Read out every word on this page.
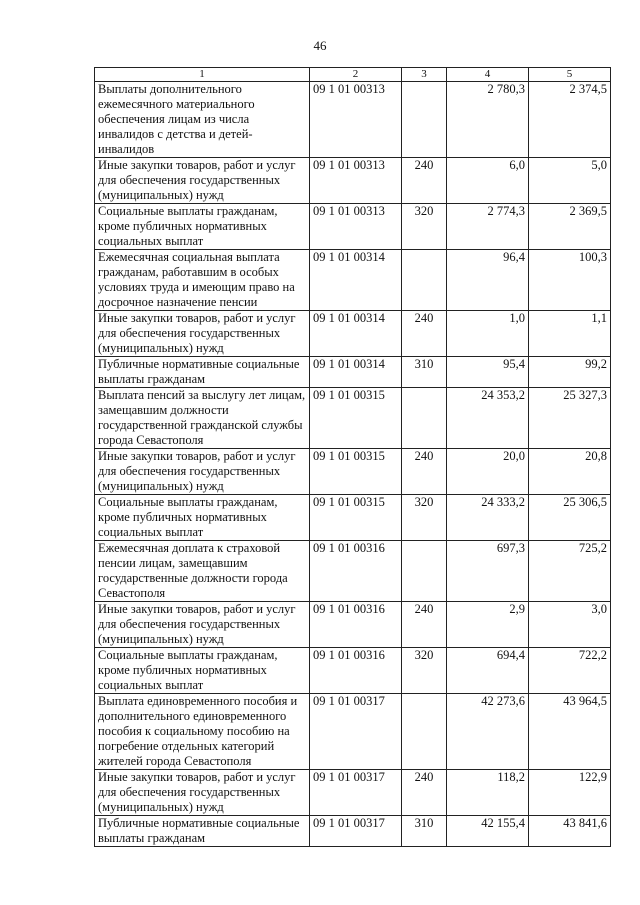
46
1	2	3	4	5
Выплаты дополнительного ежемесячного материального обеспечения лицам из числа инвалидов с детства и детей-инвалидов	09 1 01 00313		2 780,3	2 374,5
Иные закупки товаров, работ и услуг для обеспечения государственных (муниципальных) нужд	09 1 01 00313	240	6,0	5,0
Социальные выплаты гражданам, кроме публичных нормативных социальных выплат	09 1 01 00313	320	2 774,3	2 369,5
Ежемесячная социальная выплата гражданам, работавшим в особых условиях труда и имеющим право на досрочное назначение пенсии	09 1 01 00314		96,4	100,3
Иные закупки товаров, работ и услуг для обеспечения государственных (муниципальных) нужд	09 1 01 00314	240	1,0	1,1
Публичные нормативные социальные выплаты гражданам	09 1 01 00314	310	95,4	99,2
Выплата пенсий за выслугу лет лицам, замещавшим должности государственной гражданской службы города Севастополя	09 1 01 00315		24 353,2	25 327,3
Иные закупки товаров, работ и услуг для обеспечения государственных (муниципальных) нужд	09 1 01 00315	240	20,0	20,8
Социальные выплаты гражданам, кроме публичных нормативных социальных выплат	09 1 01 00315	320	24 333,2	25 306,5
Ежемесячная доплата к страховой пенсии лицам, замещавшим государственные должности города Севастополя	09 1 01 00316		697,3	725,2
Иные закупки товаров, работ и услуг для обеспечения государственных (муниципальных) нужд	09 1 01 00316	240	2,9	3,0
Социальные выплаты гражданам, кроме публичных нормативных социальных выплат	09 1 01 00316	320	694,4	722,2
Выплата единовременного пособия и дополнительного единовременного пособия к социальному пособию на погребение отдельных категорий жителей города Севастополя	09 1 01 00317		42 273,6	43 964,5
Иные закупки товаров, работ и услуг для обеспечения государственных (муниципальных) нужд	09 1 01 00317	240	118,2	122,9
Публичные нормативные социальные выплаты гражданам	09 1 01 00317	310	42 155,4	43 841,6
